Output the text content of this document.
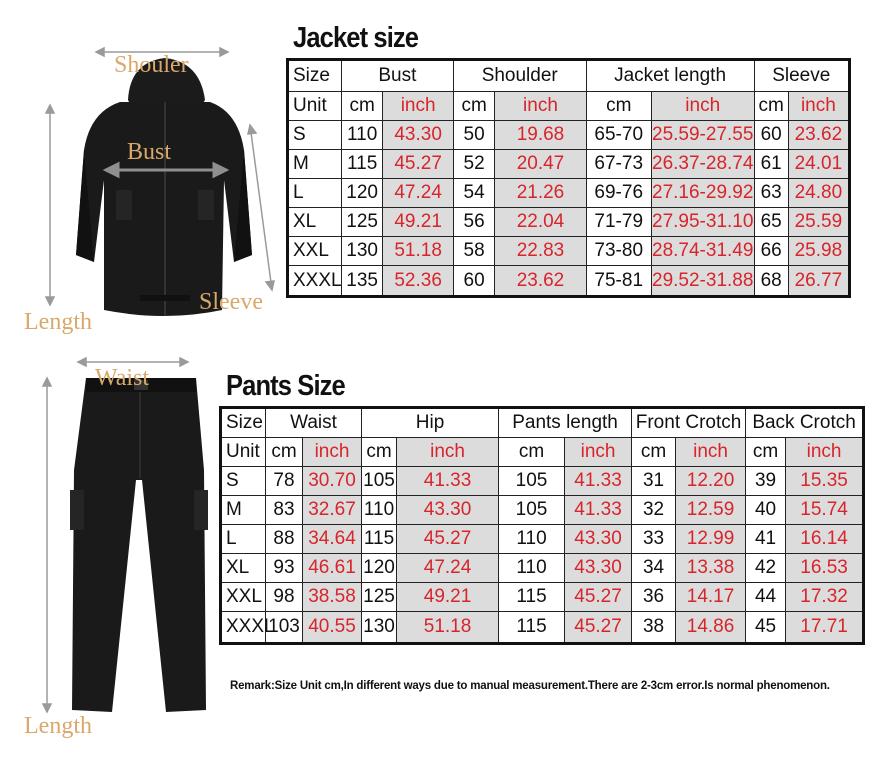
Shouler
Bust
Length
Sleeve
Jacket size
Size	Bust		Shoulder		Jacket length		Sleeve	
Unit	cm	inch	cm	inch	cm	inch	cm	inch
S	110	43.30	50	19.68	65-70	25.59-27.55	60	23.62
M	115	45.27	52	20.47	67-73	26.37-28.74	61	24.01
L	120	47.24	54	21.26	69-76	27.16-29.92	63	24.80
XL	125	49.21	56	22.04	71-79	27.95-31.10	65	25.59
XXL	130	51.18	58	22.83	73-80	28.74-31.49	66	25.98
XXXL	135	52.36	60	23.62	75-81	29.52-31.88	68	26.77
Waist
Length
Pants Size
Size	Waist		Hip		Pants length		Front Crotch		Back Crotch	
Unit	cm	inch	cm	inch	cm	inch	cm	inch	cm	inch
S	78	30.70	105	41.33	105	41.33	31	12.20	39	15.35
M	83	32.67	110	43.30	105	41.33	32	12.59	40	15.74
L	88	34.64	115	45.27	110	43.30	33	12.99	41	16.14
XL	93	46.61	120	47.24	110	43.30	34	13.38	42	16.53
XXL	98	38.58	125	49.21	115	45.27	36	14.17	44	17.32
XXXL	103	40.55	130	51.18	115	45.27	38	14.86	45	17.71
Remark:Size Unit cm,In different ways due to manual measurement.There are 2-3cm error.Is normal phenomenon.
